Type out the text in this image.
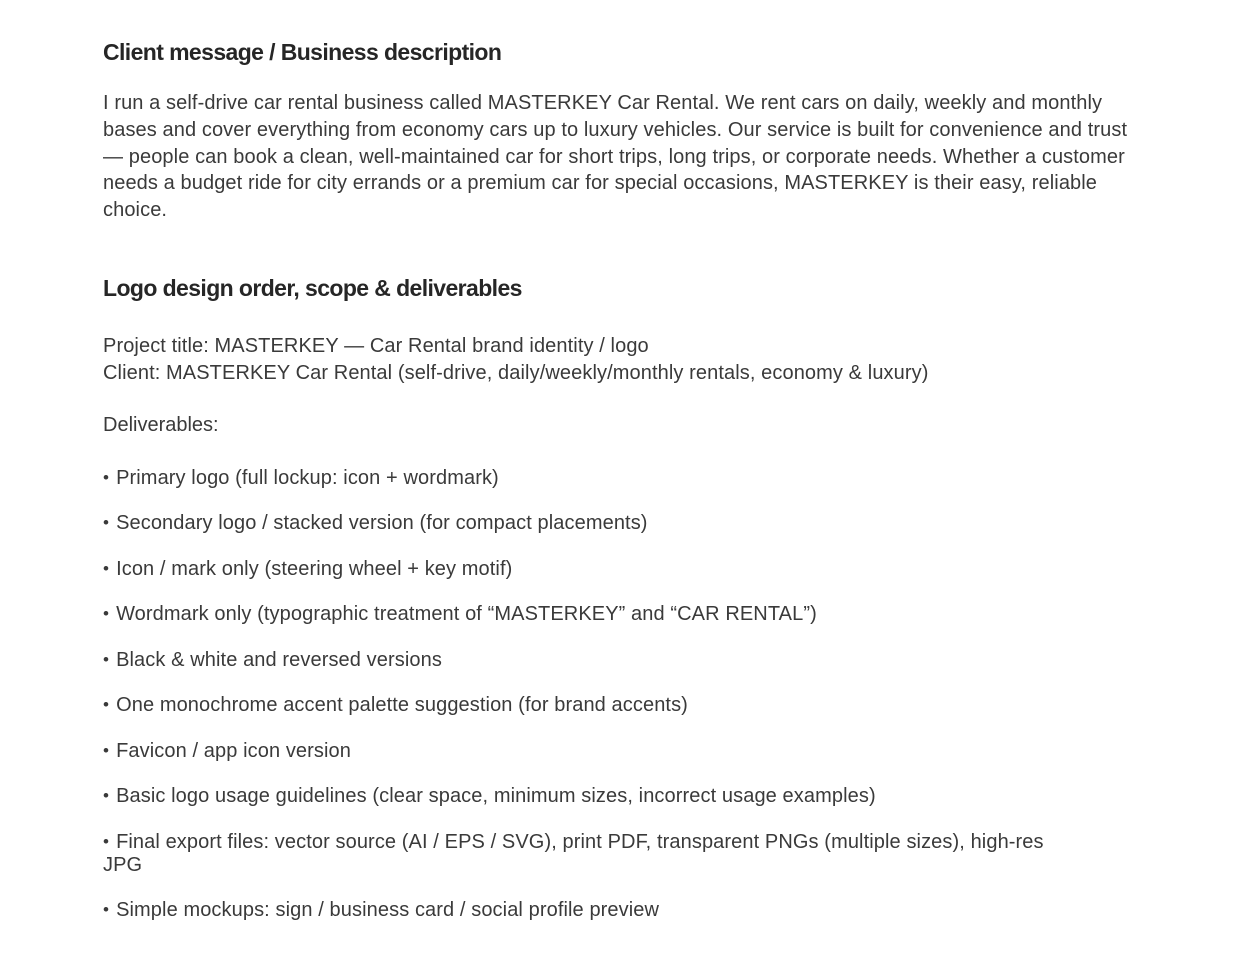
Client message / Business description

I run a self-drive car rental business called MASTERKEY Car Rental. We rent cars on daily, weekly and monthly bases and cover everything from economy cars up to luxury vehicles. Our service is built for convenience and trust — people can book a clean, well-maintained car for short trips, long trips, or corporate needs. Whether a customer needs a budget ride for city errands or a premium car for special occasions, MASTERKEY is their easy, reliable choice.

Logo design order, scope & deliverables
Project title: MASTERKEY — Car Rental brand identity / logo
Client: MASTERKEY Car Rental (self-drive, daily/weekly/monthly rentals, economy & luxury)

Deliverables:

• Primary logo (full lockup: icon + wordmark)
• Secondary logo / stacked version (for compact placements)
• Icon / mark only (steering wheel + key motif)
• Wordmark only (typographic treatment of “MASTERKEY” and “CAR RENTAL”)
• Black & white and reversed versions
• One monochrome accent palette suggestion (for brand accents)
• Favicon / app icon version
• Basic logo usage guidelines (clear space, minimum sizes, incorrect usage examples)
• Final export files: vector source (AI / EPS / SVG), print PDF, transparent PNGs (multiple sizes), high-res JPG
• Simple mockups: sign / business card / social profile preview
